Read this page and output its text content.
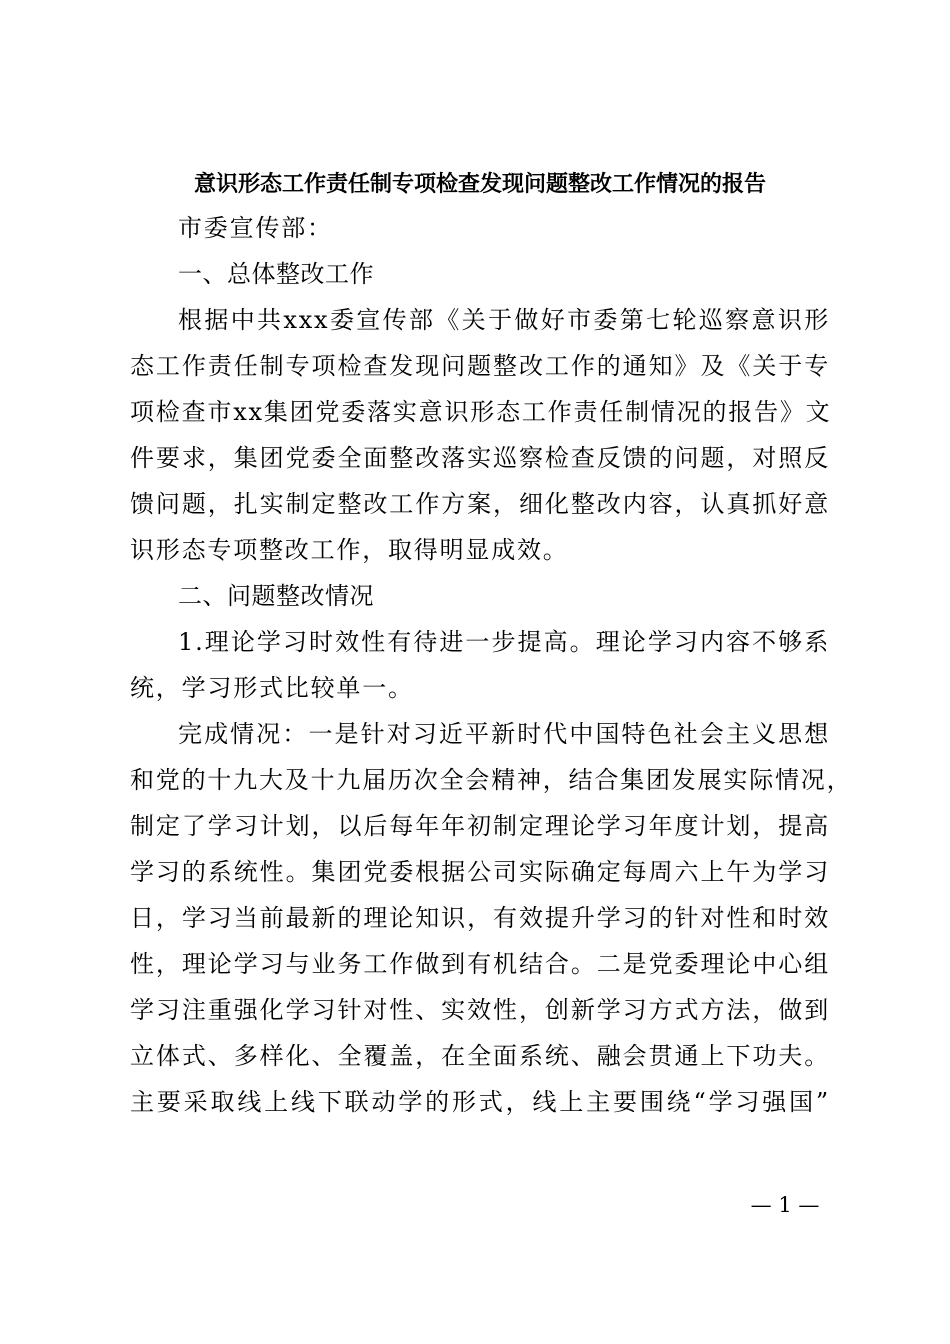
意识形态工作责任制专项检查发现问题整改工作情况的报告
市委宣传部：
一、总体整改工作
根据中共xxx委宣传部《关于做好市委第七轮巡察意识形
态工作责任制专项检查发现问题整改工作的通知》及《关于专
项检查市xx集团党委落实意识形态工作责任制情况的报告》文
件要求，集团党委全面整改落实巡察检查反馈的问题，对照反
馈问题，扎实制定整改工作方案，细化整改内容，认真抓好意
识形态专项整改工作，取得明显成效。
二、问题整改情况
1.理论学习时效性有待进一步提高。理论学习内容不够系
统，学习形式比较单一。
完成情况：一是针对习近平新时代中国特色社会主义思想
和党的十九大及十九届历次全会精神，结合集团发展实际情况，
制定了学习计划，以后每年年初制定理论学习年度计划，提高
学习的系统性。集团党委根据公司实际确定每周六上午为学习
日，学习当前最新的理论知识，有效提升学习的针对性和时效
性，理论学习与业务工作做到有机结合。二是党委理论中心组
学习注重强化学习针对性、实效性，创新学习方式方法，做到
立体式、多样化、全覆盖，在全面系统、融会贯通上下功夫。
主要采取线上线下联动学的形式，线上主要围绕“学习强国”
— 1 —
